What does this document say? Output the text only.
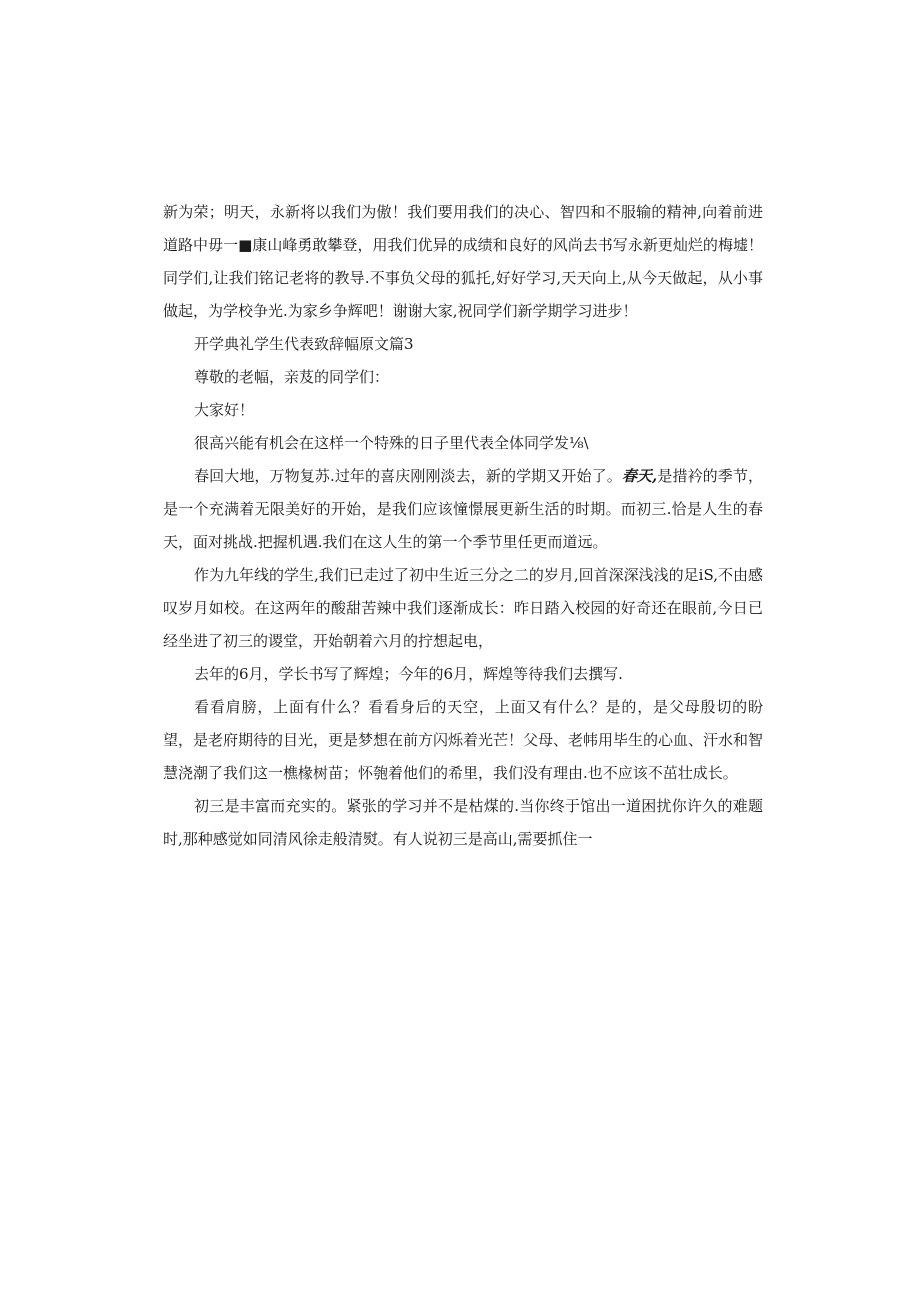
新为荣；明天，永新将以我们为傲！我们要用我们的决心、智四和不服输的精神,向着前进道路中毋一■康山峰勇敢攀登，用我们优异的成绩和良好的风尚去书写永新更灿烂的梅墟！同学们,让我们铭记老将的教导.不事负父母的狐托,好好学习,天天向上,从今天做起，从小事做起，为学校争光.为家乡争辉吧！谢谢大家,祝同学们新学期学习进步！

开学典礼学生代表致辞幅原文篇3

尊敬的老幅，亲芨的同学们：

大家好！

很高兴能有机会在这样一个特殊的日子里代表全体同学发⅛\

春回大地，万物复苏.过年的喜庆刚刚淡去，新的学期又开始了。春天,是措衿的季节，是一个充满着无限美好的开始，是我们应该憧憬展更新生活的时期。而初三.恰是人生的春天，面对挑战.把握机遇.我们在这人生的第一个季节里任更而道远。

作为九年线的学生,我们已走过了初中生近三分之二的岁月,回首深深浅浅的足iS,不由感叹岁月如校。在这两年的酸甜苦辣中我们逐渐成长：昨日踏入校园的好奇还在眼前,今日已经坐进了初三的谡堂，开始朝着六月的拧想起电，

去年的6月，学长书写了辉煌；今年的6月，辉煌等待我们去撰写.

看看肩膀，上面有什么？看看身后的天空，上面又有什么？是的，是父母殷切的盼望，是老府期待的目光，更是梦想在前方闪烁着光芒！父母、老帏用毕生的心血、汗水和智慧浇潮了我们这一樵椽树苗；怀匏着他们的希里，我们没有理由.也不应该不茁壮成长。

初三是丰富而充实的。紧张的学习并不是枯煤的.当你终于馆出一道困扰你许久的难题时,那种感觉如同清风徐走般清熨。有人说初三是高山,需要抓住一
